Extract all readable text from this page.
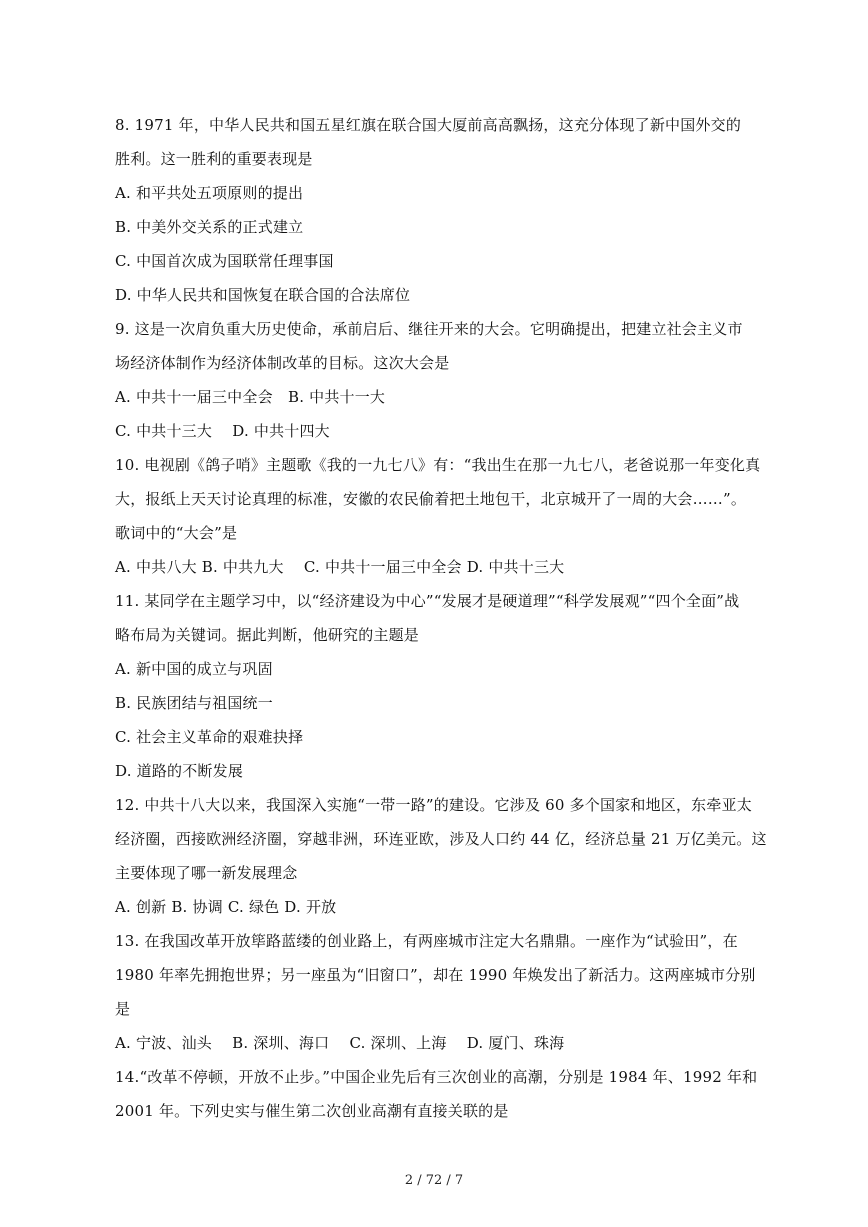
8. 1971 年，中华人民共和国五星红旗在联合国大厦前高高飘扬，这充分体现了新中国外交的
胜利。这一胜利的重要表现是
A. 和平共处五项原则的提出
B. 中美外交关系的正式建立
C. 中国首次成为国联常任理事国
D. 中华人民共和国恢复在联合国的合法席位
9. 这是一次肩负重大历史使命，承前启后、继往开来的大会。它明确提出，把建立社会主义市
场经济体制作为经济体制改革的目标。这次大会是
A. 中共十一届三中全会　B. 中共十一大
C. 中共十三大　 D. 中共十四大
10. 电视剧《鸽子哨》主题歌《我的一九七八》有：“我出生在那一九七八，老爸说那一年变化真
大，报纸上天天讨论真理的标准，安徽的农民偷着把土地包干，北京城开了一周的大会……”。
歌词中的“大会”是
A. 中共八大 B. 中共九大　 C. 中共十一届三中全会 D. 中共十三大
11. 某同学在主题学习中，以“经济建设为中心”“发展才是硬道理”“科学发展观”“四个全面”战
略布局为关键词。据此判断，他研究的主题是
A. 新中国的成立与巩固
B. 民族团结与祖国统一
C. 社会主义革命的艰难抉择
D. 道路的不断发展
12. 中共十八大以来，我国深入实施“一带一路”的建设。它涉及 60 多个国家和地区，东牵亚太
经济圈，西接欧洲经济圈，穿越非洲，环连亚欧，涉及人口约 44 亿，经济总量 21 万亿美元。这
主要体现了哪一新发展理念
A. 创新 B. 协调 C. 绿色 D. 开放
13. 在我国改革开放筚路蓝缕的创业路上，有两座城市注定大名鼎鼎。一座作为“试验田”，在
1980 年率先拥抱世界；另一座虽为“旧窗口”，却在 1990 年焕发出了新活力。这两座城市分别
是
A. 宁波、汕头　 B. 深圳、海口　 C. 深圳、上海　 D. 厦门、珠海
14.“改革不停顿，开放不止步。”中国企业先后有三次创业的高潮，分别是 1984 年、1992 年和
2001 年。下列史实与催生第二次创业高潮有直接关联的是
2 / 72 / 7
